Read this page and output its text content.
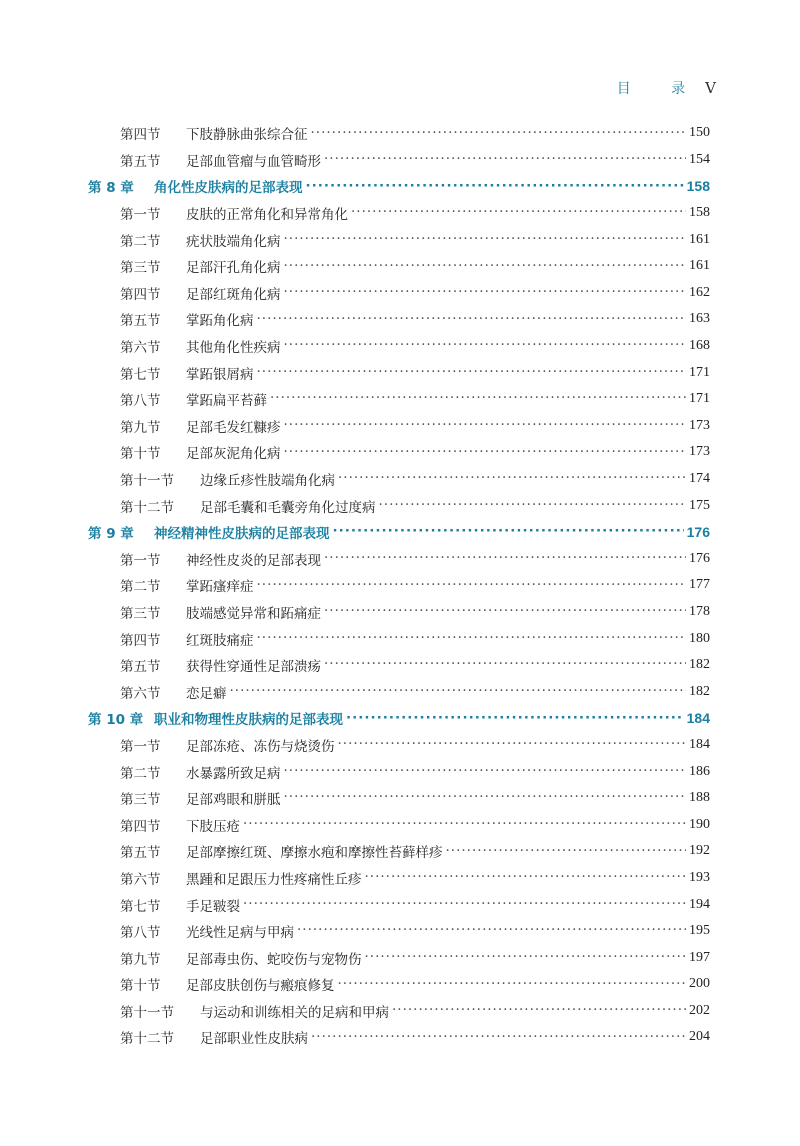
目 录 V
第四节	下肢静脉曲张综合征 ·····	150
第五节	足部血管瘤与血管畸形 ·····	154
第 8 章	角化性皮肤病的足部表现 ·····	158
第一节	皮肤的正常角化和异常角化 ·····	158
第二节	疣状肢端角化病 ·····	161
第三节	足部汗孔角化病 ·····	161
第四节	足部红斑角化病 ·····	162
第五节	掌跖角化病 ·····	163
第六节	其他角化性疾病 ·····	168
第七节	掌跖银屑病 ·····	171
第八节	掌跖扁平苔藓 ·····	171
第九节	足部毛发红糠疹 ·····	173
第十节	足部灰泥角化病 ·····	173
第十一节	边缘丘疹性肢端角化病 ·····	174
第十二节	足部毛囊和毛囊旁角化过度病 ·····	175
第 9 章	神经精神性皮肤病的足部表现 ·····	176
第一节	神经性皮炎的足部表现 ·····	176
第二节	掌跖瘙痒症 ·····	177
第三节	肢端感觉异常和跖痛症 ·····	178
第四节	红斑肢痛症 ·····	180
第五节	获得性穿通性足部溃疡 ·····	182
第六节	恋足癖 ·····	182
第 10 章 职业和物理性皮肤病的足部表现 ·····	184
第一节	足部冻疮、冻伤与烧烫伤 ·····	184
第二节	水暴露所致足病 ·····	186
第三节	足部鸡眼和胼胝 ·····	188
第四节	下肢压疮 ·····	190
第五节	足部摩擦红斑、摩擦水疱和摩擦性苔藓样疹 ·····	192
第六节	黑踵和足跟压力性疼痛性丘疹 ·····	193
第七节	手足皲裂 ·····	194
第八节	光线性足病与甲病 ·····	195
第九节	足部毒虫伤、蛇咬伤与宠物伤 ·····	197
第十节	足部皮肤创伤与瘢痕修复 ·····	200
第十一节	与运动和训练相关的足病和甲病 ·····	202
第十二节	足部职业性皮肤病 ·····	204
